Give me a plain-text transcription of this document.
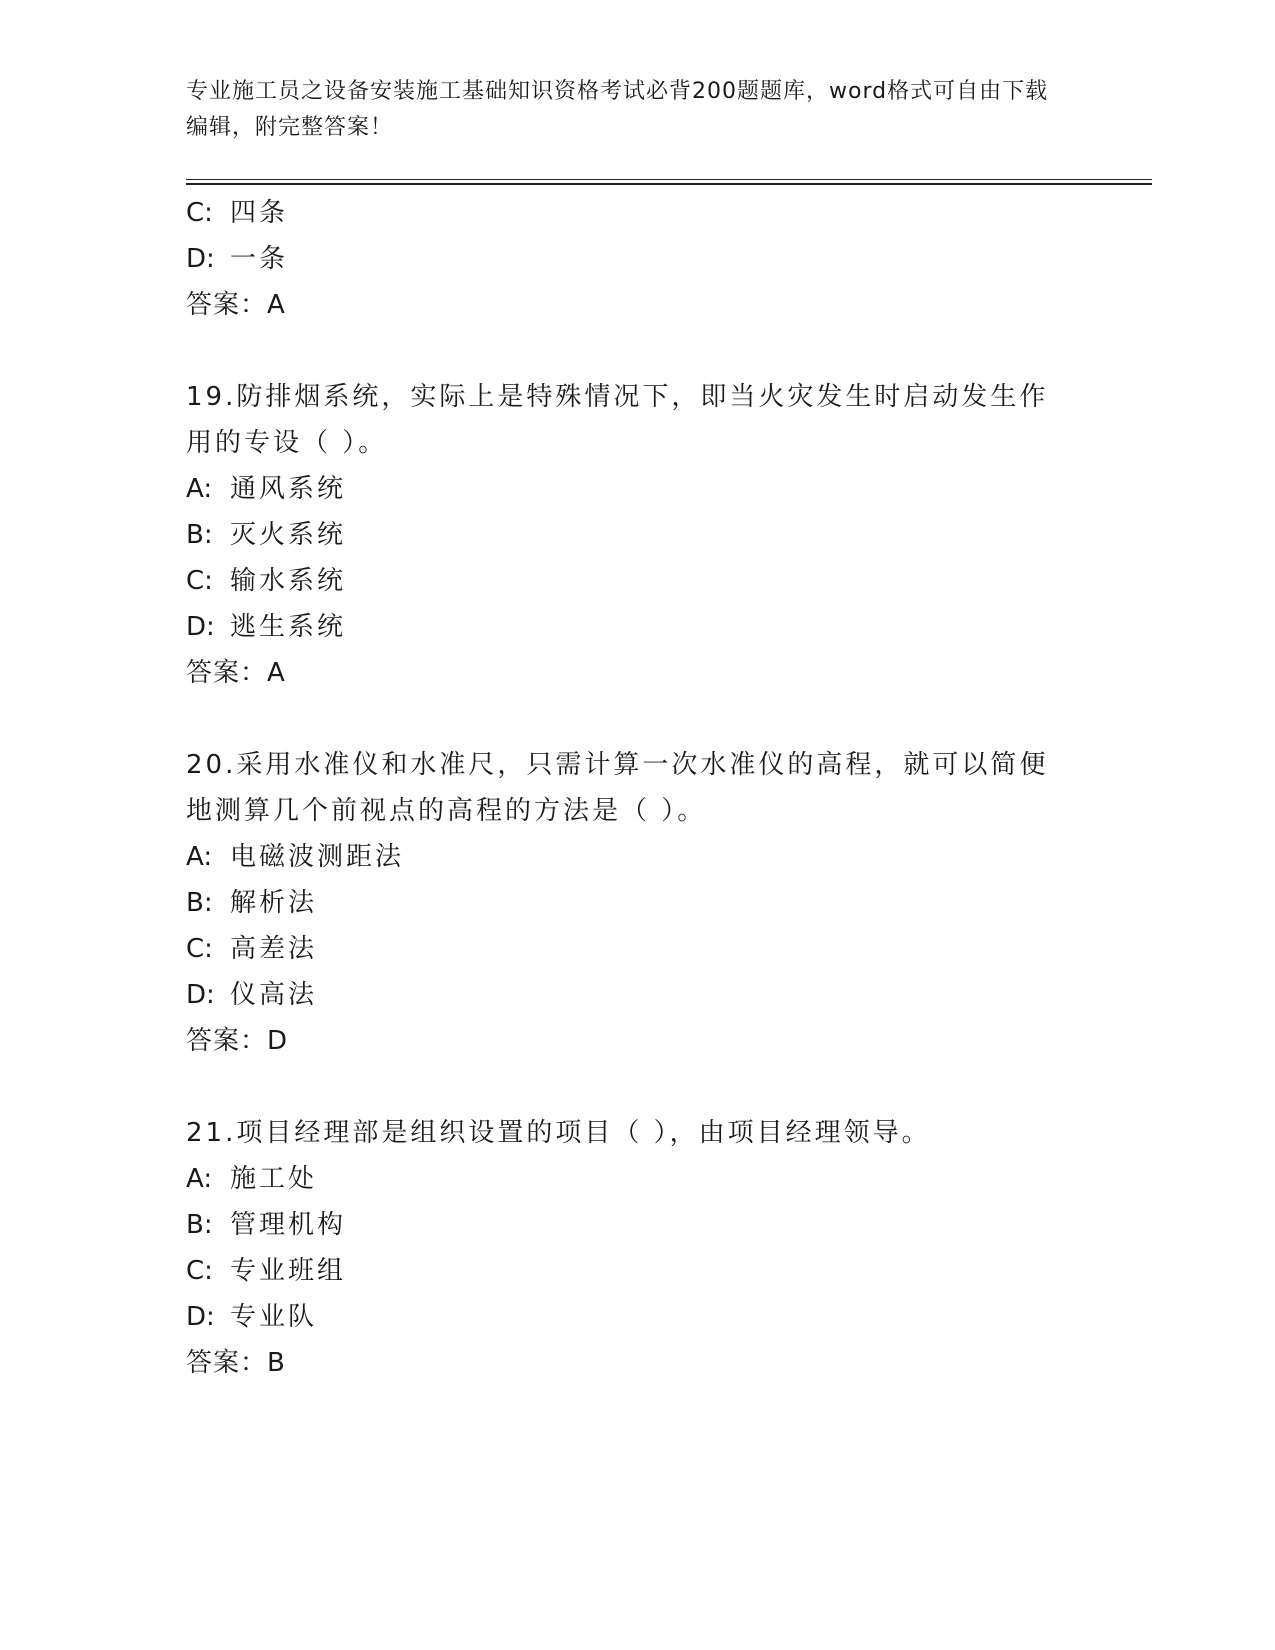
专业施工员之设备安装施工基础知识资格考试必背200题题库，word格式可自由下载编辑，附完整答案！
C: 四条
D: 一条
答案：A
19.防排烟系统，实际上是特殊情况下，即当火灾发生时启动发生作用的专设（ ）。
A: 通风系统
B: 灭火系统
C: 输水系统
D: 逃生系统
答案：A
20.采用水准仪和水准尺，只需计算一次水准仪的高程，就可以简便地测算几个前视点的高程的方法是（ ）。
A: 电磁波测距法
B: 解析法
C: 高差法
D: 仪高法
答案：D
21.项目经理部是组织设置的项目（ ），由项目经理领导。
A: 施工处
B: 管理机构
C: 专业班组
D: 专业队
答案：B
